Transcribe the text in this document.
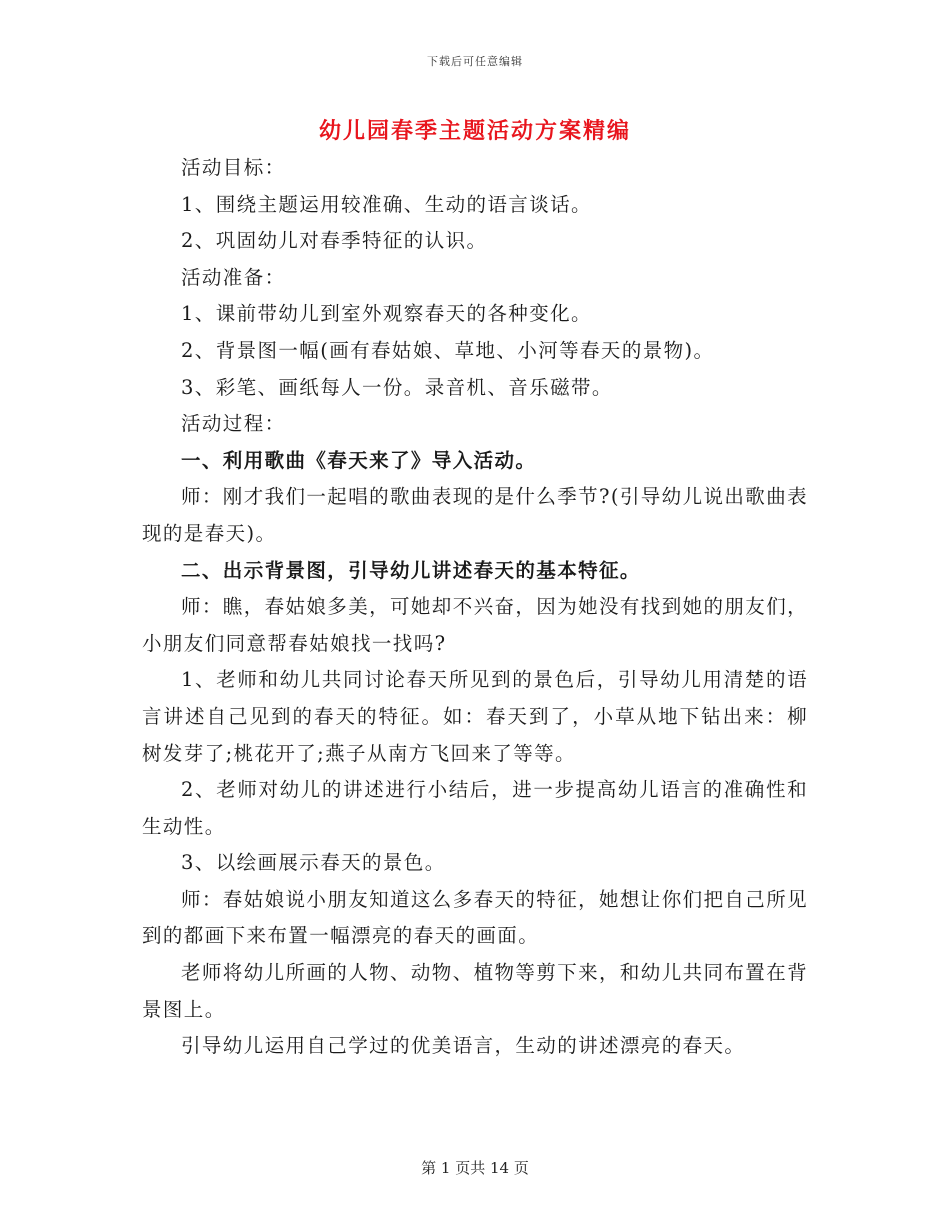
下载后可任意编辑
幼儿园春季主题活动方案精编

活动目标：

1、围绕主题运用较准确、生动的语言谈话。

2、巩固幼儿对春季特征的认识。

活动准备：

1、课前带幼儿到室外观察春天的各种变化。

2、背景图一幅(画有春姑娘、草地、小河等春天的景物)。

3、彩笔、画纸每人一份。录音机、音乐磁带。

活动过程：

一、利用歌曲《春天来了》导入活动。

师：刚才我们一起唱的歌曲表现的是什么季节?(引导幼儿说出歌曲表现的是春天)。

二、出示背景图，引导幼儿讲述春天的基本特征。

师：瞧，春姑娘多美，可她却不兴奋，因为她没有找到她的朋友们，小朋友们同意帮春姑娘找一找吗?

1、老师和幼儿共同讨论春天所见到的景色后，引导幼儿用清楚的语言讲述自己见到的春天的特征。如：春天到了，小草从地下钻出来：柳树发芽了;桃花开了;燕子从南方飞回来了等等。

2、老师对幼儿的讲述进行小结后，进一步提高幼儿语言的准确性和生动性。

3、以绘画展示春天的景色。

师：春姑娘说小朋友知道这么多春天的特征，她想让你们把自己所见到的都画下来布置一幅漂亮的春天的画面。

老师将幼儿所画的人物、动物、植物等剪下来，和幼儿共同布置在背景图上。

引导幼儿运用自己学过的优美语言，生动的讲述漂亮的春天。

第 1 页共 14 页
